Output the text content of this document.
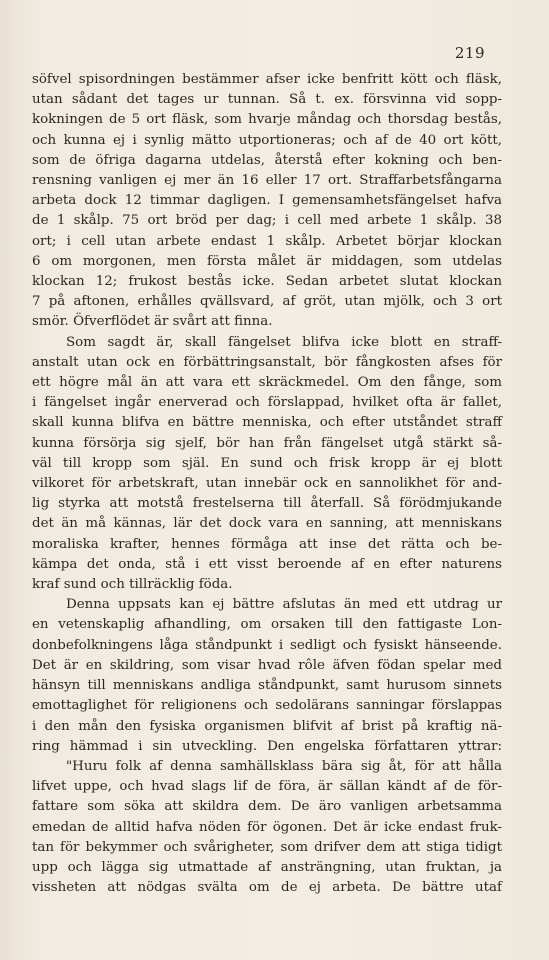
219
söfvel spisordningen bestämmer afser icke benfritt kött och fläsk,
utan sådant det tages ur tunnan. Så t. ex. försvinna vid sopp-
kokningen de 5 ort fläsk, som hvarje måndag och thorsdag bestås,
och kunna ej i synlig mätto utportioneras; och af de 40 ort kött,
som de öfriga dagarna utdelas, återstå efter kokning och ben-
rensning vanligen ej mer än 16 eller 17 ort. Straffarbetsfångarna
arbeta dock 12 timmar dagligen. I gemensamhetsfängelset hafva
de 1 skålp. 75 ort bröd per dag; i cell med arbete 1 skålp. 38
ort; i cell utan arbete endast 1 skålp. Arbetet börjar klockan
6 om morgonen, men första målet är middagen, som utdelas
klockan 12; frukost bestås icke. Sedan arbetet slutat klockan
7 på aftonen, erhålles qvällsvard, af gröt, utan mjölk, och 3 ort
smör. Öfverflödet är svårt att finna.
Som sagdt är, skall fängelset blifva icke blott en straff-
anstalt utan ock en förbättringsanstalt, bör fångkosten afses för
ett högre mål än att vara ett skräckmedel. Om den fånge, som
i fängelset ingår enerverad och förslappad, hvilket ofta är fallet,
skall kunna blifva en bättre menniska, och efter utståndet straff
kunna försörja sig sjelf, bör han från fängelset utgå stärkt så-
väl till kropp som själ. En sund och frisk kropp är ej blott
vilkoret för arbetskraft, utan innebär ock en sannolikhet för and-
lig styrka att motstå frestelserna till återfall. Så förödmjukande
det än må kännas, lär det dock vara en sanning, att menniskans
moraliska krafter, hennes förmåga att inse det rätta och be-
kämpa det onda, stå i ett visst beroende af en efter naturens
kraf sund och tillräcklig föda.
Denna uppsats kan ej bättre afslutas än med ett utdrag ur
en vetenskaplig afhandling, om orsaken till den fattigaste Lon-
donbefolkningens låga ståndpunkt i sedligt och fysiskt hänseende.
Det är en skildring, som visar hvad rôle äfven födan spelar med
hänsyn till menniskans andliga ståndpunkt, samt hurusom sinnets
emottaglighet för religionens och sedolärans sanningar förslappas
i den mån den fysiska organismen blifvit af brist på kraftig nä-
ring hämmad i sin utveckling. Den engelska författaren yttrar:
"Huru folk af denna samhällsklass bära sig åt, för att hålla
lifvet uppe, och hvad slags lif de föra, är sällan kändt af de för-
fattare som söka att skildra dem. De äro vanligen arbetsamma
emedan de alltid hafva nöden för ögonen. Det är icke endast fruk-
tan för bekymmer och svårigheter, som drifver dem att stiga tidigt
upp och lägga sig utmattade af ansträngning, utan fruktan, ja
vissheten att nödgas svälta om de ej arbeta. De bättre utaf
